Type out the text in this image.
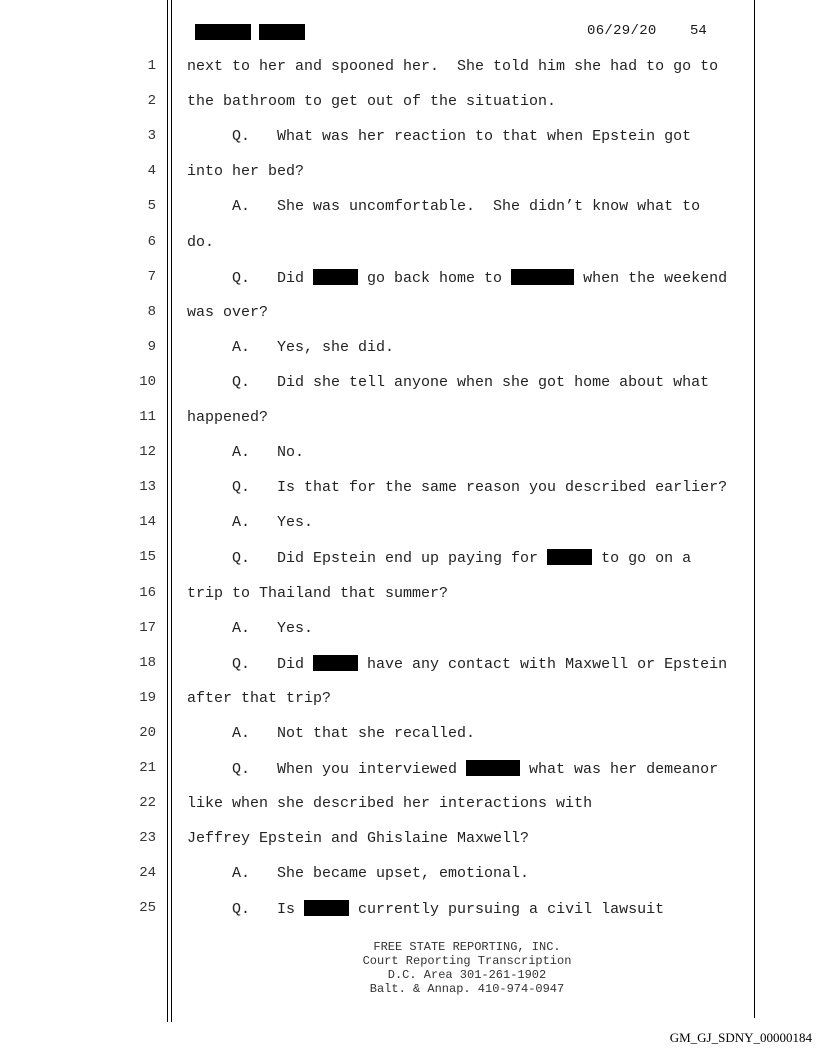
06/29/20 54
1 next to her and spooned her.  She told him she had to go to
2 the bathroom to get out of the situation.
3 Q.   What was her reaction to that when Epstein got
4 into her bed?
5 A.   She was uncomfortable.  She didn’t know what to
6 do.
7 Q.   Did	go back home to	when the weekend
8 was over?
9 A.   Yes, she did.
10 Q.   Did she tell anyone when she got home about what
11 happened?
12 A.   No.
13 Q.   Is that for the same reason you described earlier?
14 A.   Yes.
15 Q.   Did Epstein end up paying for	to go on a
16 trip to Thailand that summer?
17 A.   Yes.
18 Q.   Did	have any contact with Maxwell or Epstein
19 after that trip?
20 A.   Not that she recalled.
21 Q.   When you interviewed	what was her demeanor
22 like when she described her interactions with
23 Jeffrey Epstein and Ghislaine Maxwell?
24 A.   She became upset, emotional.
25 Q.   Is	currently pursuing a civil lawsuit
FREE STATE REPORTING, INC.
Court Reporting Transcription
D.C. Area 301-261-1902
Balt. & Annap. 410-974-0947
GM_GJ_SDNY_00000184
